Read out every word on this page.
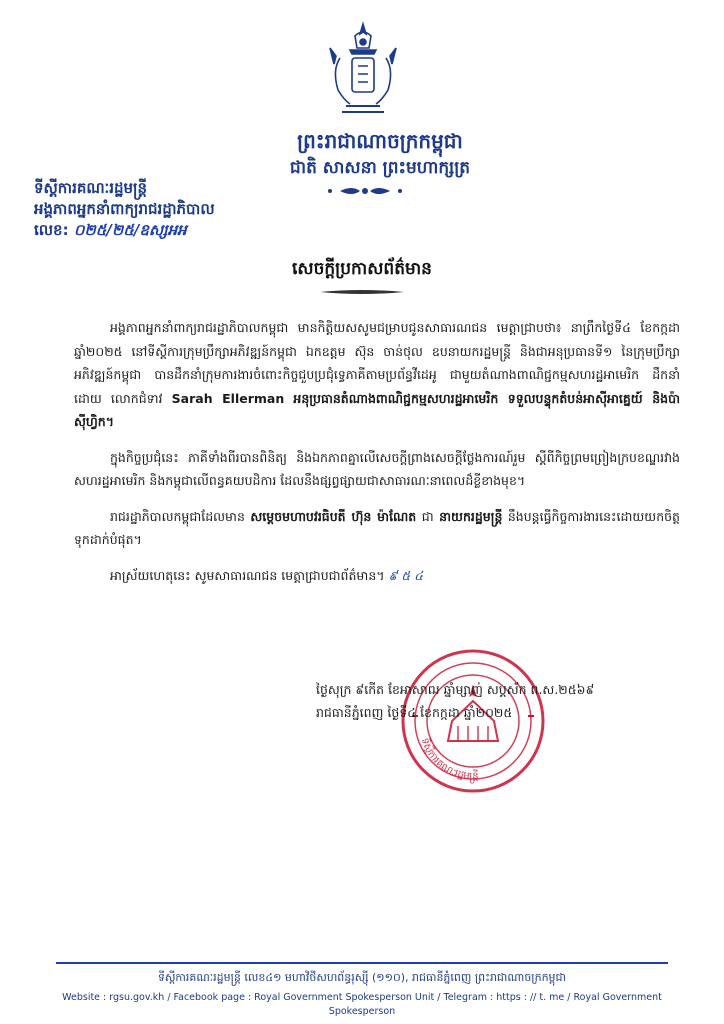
ព្រះរាជាណាចក្រកម្ពុជា
ជាតិ សាសនា ព្រះមហាក្សត្រ
ទីស្ដីការគណៈរដ្ឋមន្ត្រី
អង្គភាពអ្នកនាំពាក្យរាជរដ្ឋាភិបាល
លេខ: ០២៥/២៥/ឧស្សអអ
សេចក្ដីប្រកាសព័ត៌មាន

អង្គភាពអ្នកនាំពាក្យរាជរដ្ឋាភិបាលកម្ពុជា មានកិត្តិយសសូមជម្រាបជូនសាធារណជន មេត្តាជ្រាបថា៖ នាព្រឹកថ្ងៃទី៤ ខែកក្កដា ឆ្នាំ២០២៥ នៅទីស្ដីការក្រុមប្រឹក្សាអភិវឌ្ឍន៍កម្ពុជា ឯកឧត្ដម ស៊ុន ចាន់ថុល ឧបនាយករដ្ឋមន្ត្រី និងជាអនុប្រធានទី១ នៃក្រុមប្រឹក្សាអភិវឌ្ឍន៍កម្ពុជា បានដឹកនាំក្រុមការងារចំពោះកិច្ចជួបប្រជុំទ្វេភាគីតាមប្រព័ន្ធវីដេអូ ជាមួយតំណាងពាណិជ្ជកម្មសហរដ្ឋអាមេរិក ដឹកនាំដោយ លោកជំទាវ Sarah Ellerman អនុប្រធានតំណាងពាណិជ្ជកម្មសហរដ្ឋអាមេរិក ទទួលបន្ទុកតំបន់អាស៊ីអាគ្នេយ៍ និងប៉ាស៊ីហ្វិក។

ក្នុងកិច្ចប្រជុំនេះ ភាគីទាំងពីរបានពិនិត្យ និងឯកភាពគ្នាលើសេចក្ដីព្រាងសេចក្ដីថ្លែងការណ៍រួម ស្ដីពីកិច្ចព្រមព្រៀងក្របខណ្ឌរវាងសហរដ្ឋអាមេរិក និងកម្ពុជាលើពន្ធគយបដិការ ដែលនឹងផ្សព្វផ្សាយជាសាធារណៈនាពេលដ៏ខ្លីខាងមុខ។

រាជរដ្ឋាភិបាលកម្ពុជាដែលមាន សម្ដេចមហាបវរធិបតី ហ៊ុន ម៉ាណែត ជា នាយករដ្ឋមន្ត្រី នឹងបន្តធ្វើកិច្ចការងារនេះដោយយកចិត្តទុកដាក់បំផុត។

អាស្រ័យហេតុនេះ សូមសាធារណជន មេត្តាជ្រាបជាព័ត៌មាន។ ៩ ៥ ៤

ទីស្ដីការគណៈរដ្ឋមន្ត្រី
ថ្ងៃសុក្រ ៩កើត ខែអាសាឍ ឆ្នាំម្សាញ់ សប្តស័ក ព.ស.២៥៦៩
រាជធានីភ្នំពេញ ថ្ងៃទី៤ ខែកក្កដា ឆ្នាំ២០២៥
ទីស្ដីការគណៈរដ្ឋមន្ត្រី លេខ៤១ មហាវិថីសហព័ន្ធរុស្ស៊ី (១១០), រាជធានីភ្នំពេញ ព្រះរាជាណាចក្រកម្ពុជា
Website : rgsu.gov.kh / Facebook page : Royal Government Spokesperson Unit / Telegram : https : // t. me / Royal Government Spokesperson
